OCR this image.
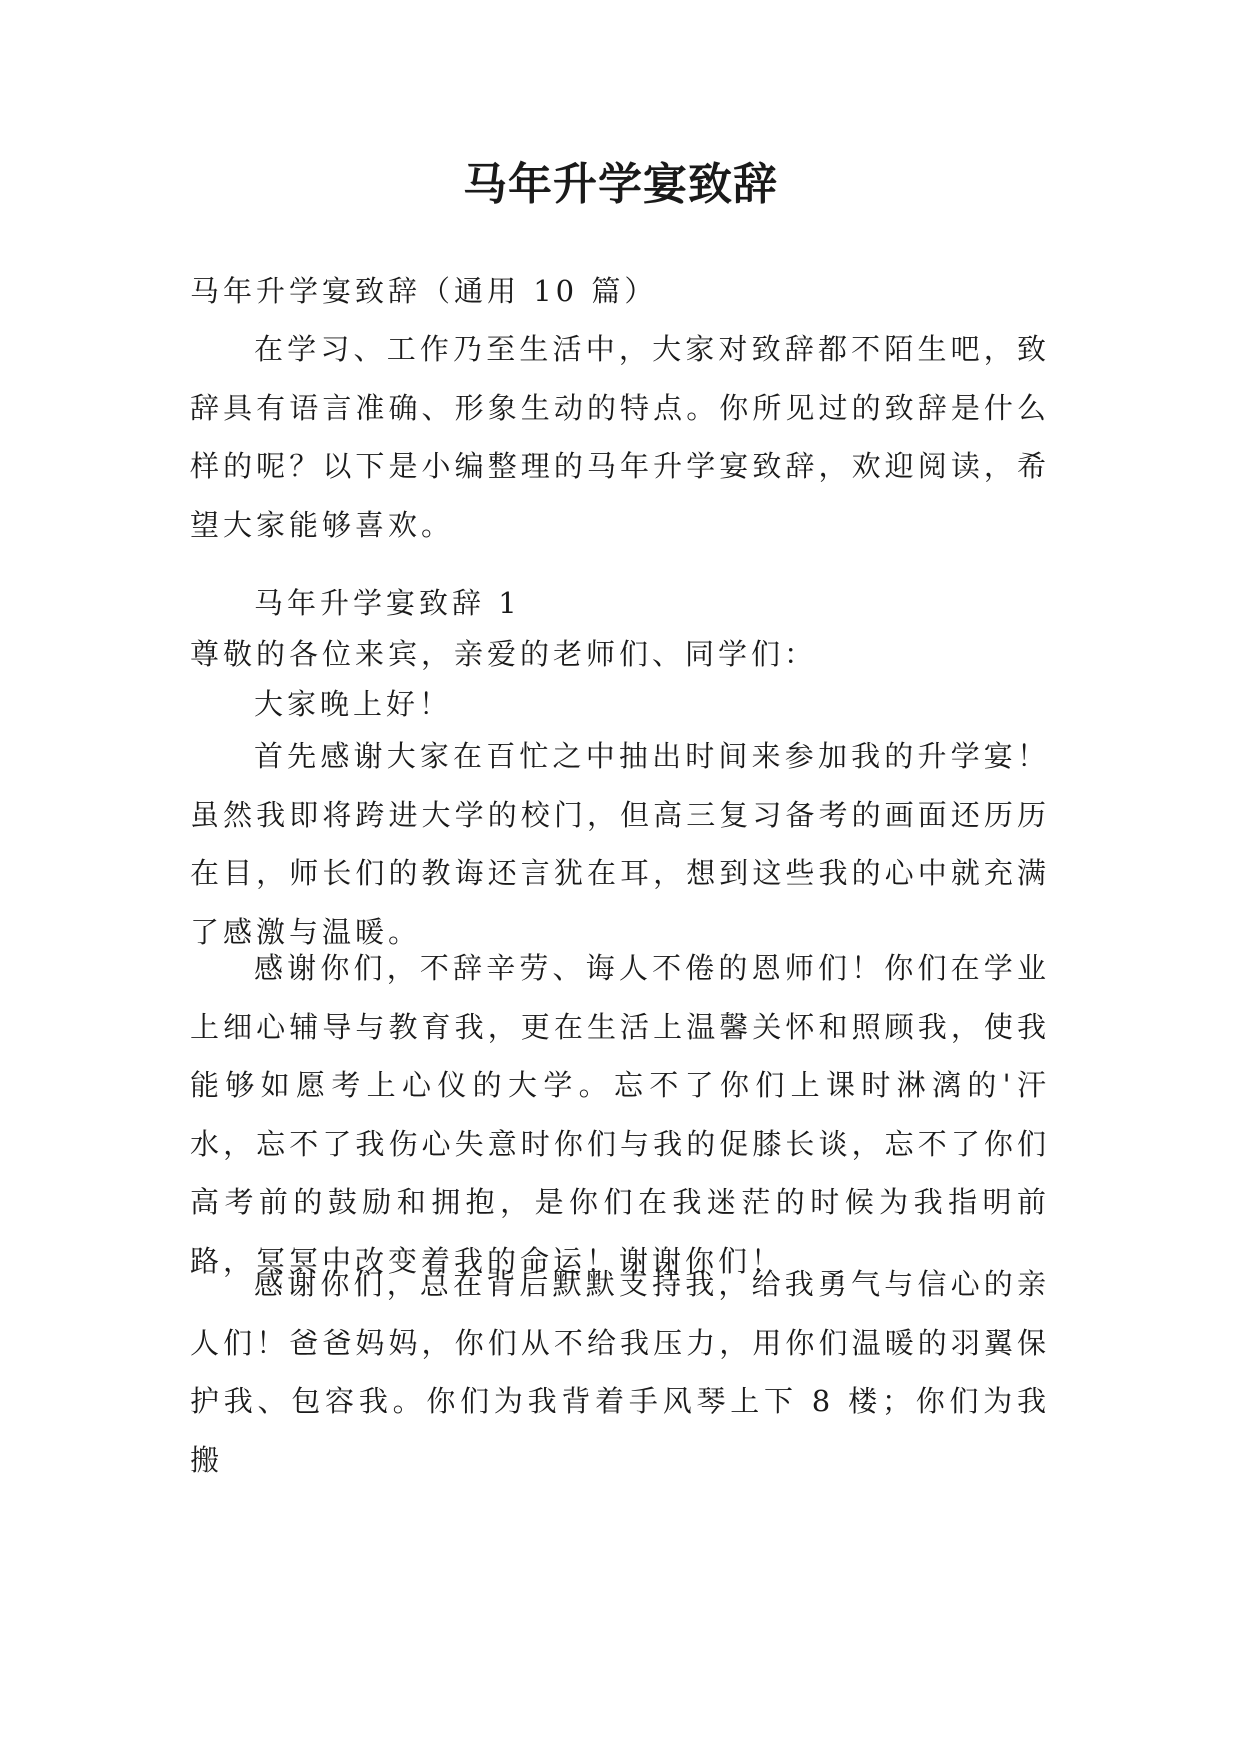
马年升学宴致辞

马年升学宴致辞（通用 10 篇）

在学习、工作乃至生活中，大家对致辞都不陌生吧，致辞具有语言准确、形象生动的特点。你所见过的致辞是什么样的呢？以下是小编整理的马年升学宴致辞，欢迎阅读，希望大家能够喜欢。

马年升学宴致辞 1

尊敬的各位来宾，亲爱的老师们、同学们：

大家晚上好！

首先感谢大家在百忙之中抽出时间来参加我的升学宴！虽然我即将跨进大学的校门，但高三复习备考的画面还历历在目，师长们的教诲还言犹在耳，想到这些我的心中就充满了感激与温暖。

感谢你们，不辞辛劳、诲人不倦的恩师们！你们在学业上细心辅导与教育我，更在生活上温馨关怀和照顾我，使我能够如愿考上心仪的大学。忘不了你们上课时淋漓的'汗水，忘不了我伤心失意时你们与我的促膝长谈，忘不了你们高考前的鼓励和拥抱，是你们在我迷茫的时候为我指明前路，冥冥中改变着我的命运！谢谢你们！

感谢你们，总在背后默默支持我，给我勇气与信心的亲人们！爸爸妈妈，你们从不给我压力，用你们温暖的羽翼保护我、包容我。你们为我背着手风琴上下 8 楼；你们为我搬
